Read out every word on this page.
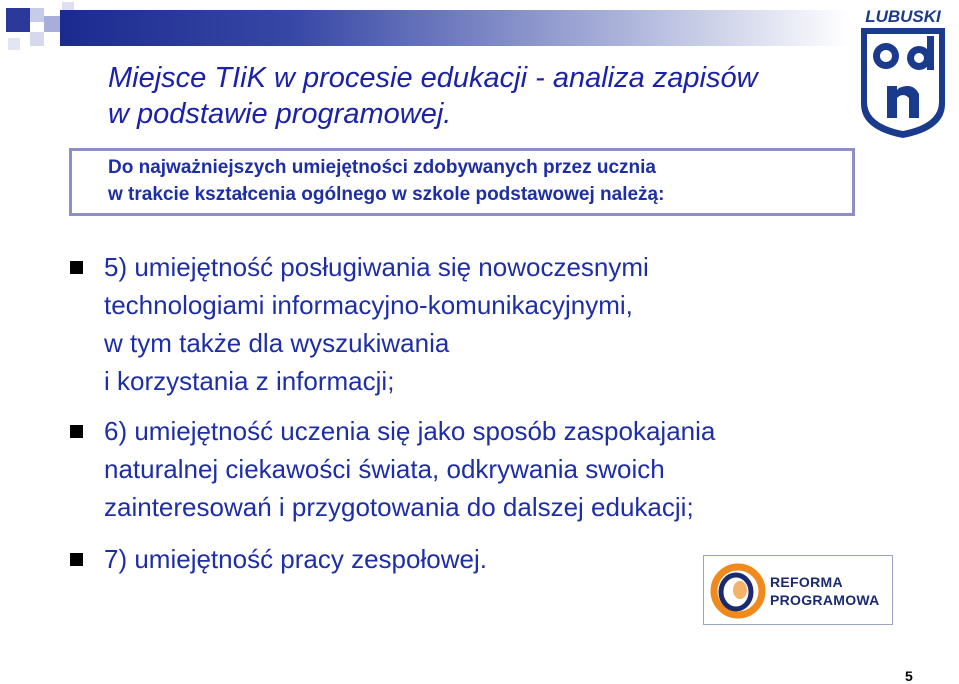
Miejsce TIiK w procesie edukacji - analiza zapisów
w podstawie programowej.

Do najważniejszych umiejętności zdobywanych przez ucznia

w trakcie kształcenia ogólnego w szkole podstawowej należą:

5) umiejętność posługiwania się nowoczesnymi
technologiami informacyjno-komunikacyjnymi,
w tym także dla wyszukiwania
i korzystania z informacji;
6) umiejętność uczenia się jako sposób zaspokajania
naturalnej ciekawości świata, odkrywania swoich
zainteresowań i przygotowania do dalszej edukacji;
7) umiejętność pracy zespołowej.
LUBUSKI
REFORMA
PROGRAMOWA
5
